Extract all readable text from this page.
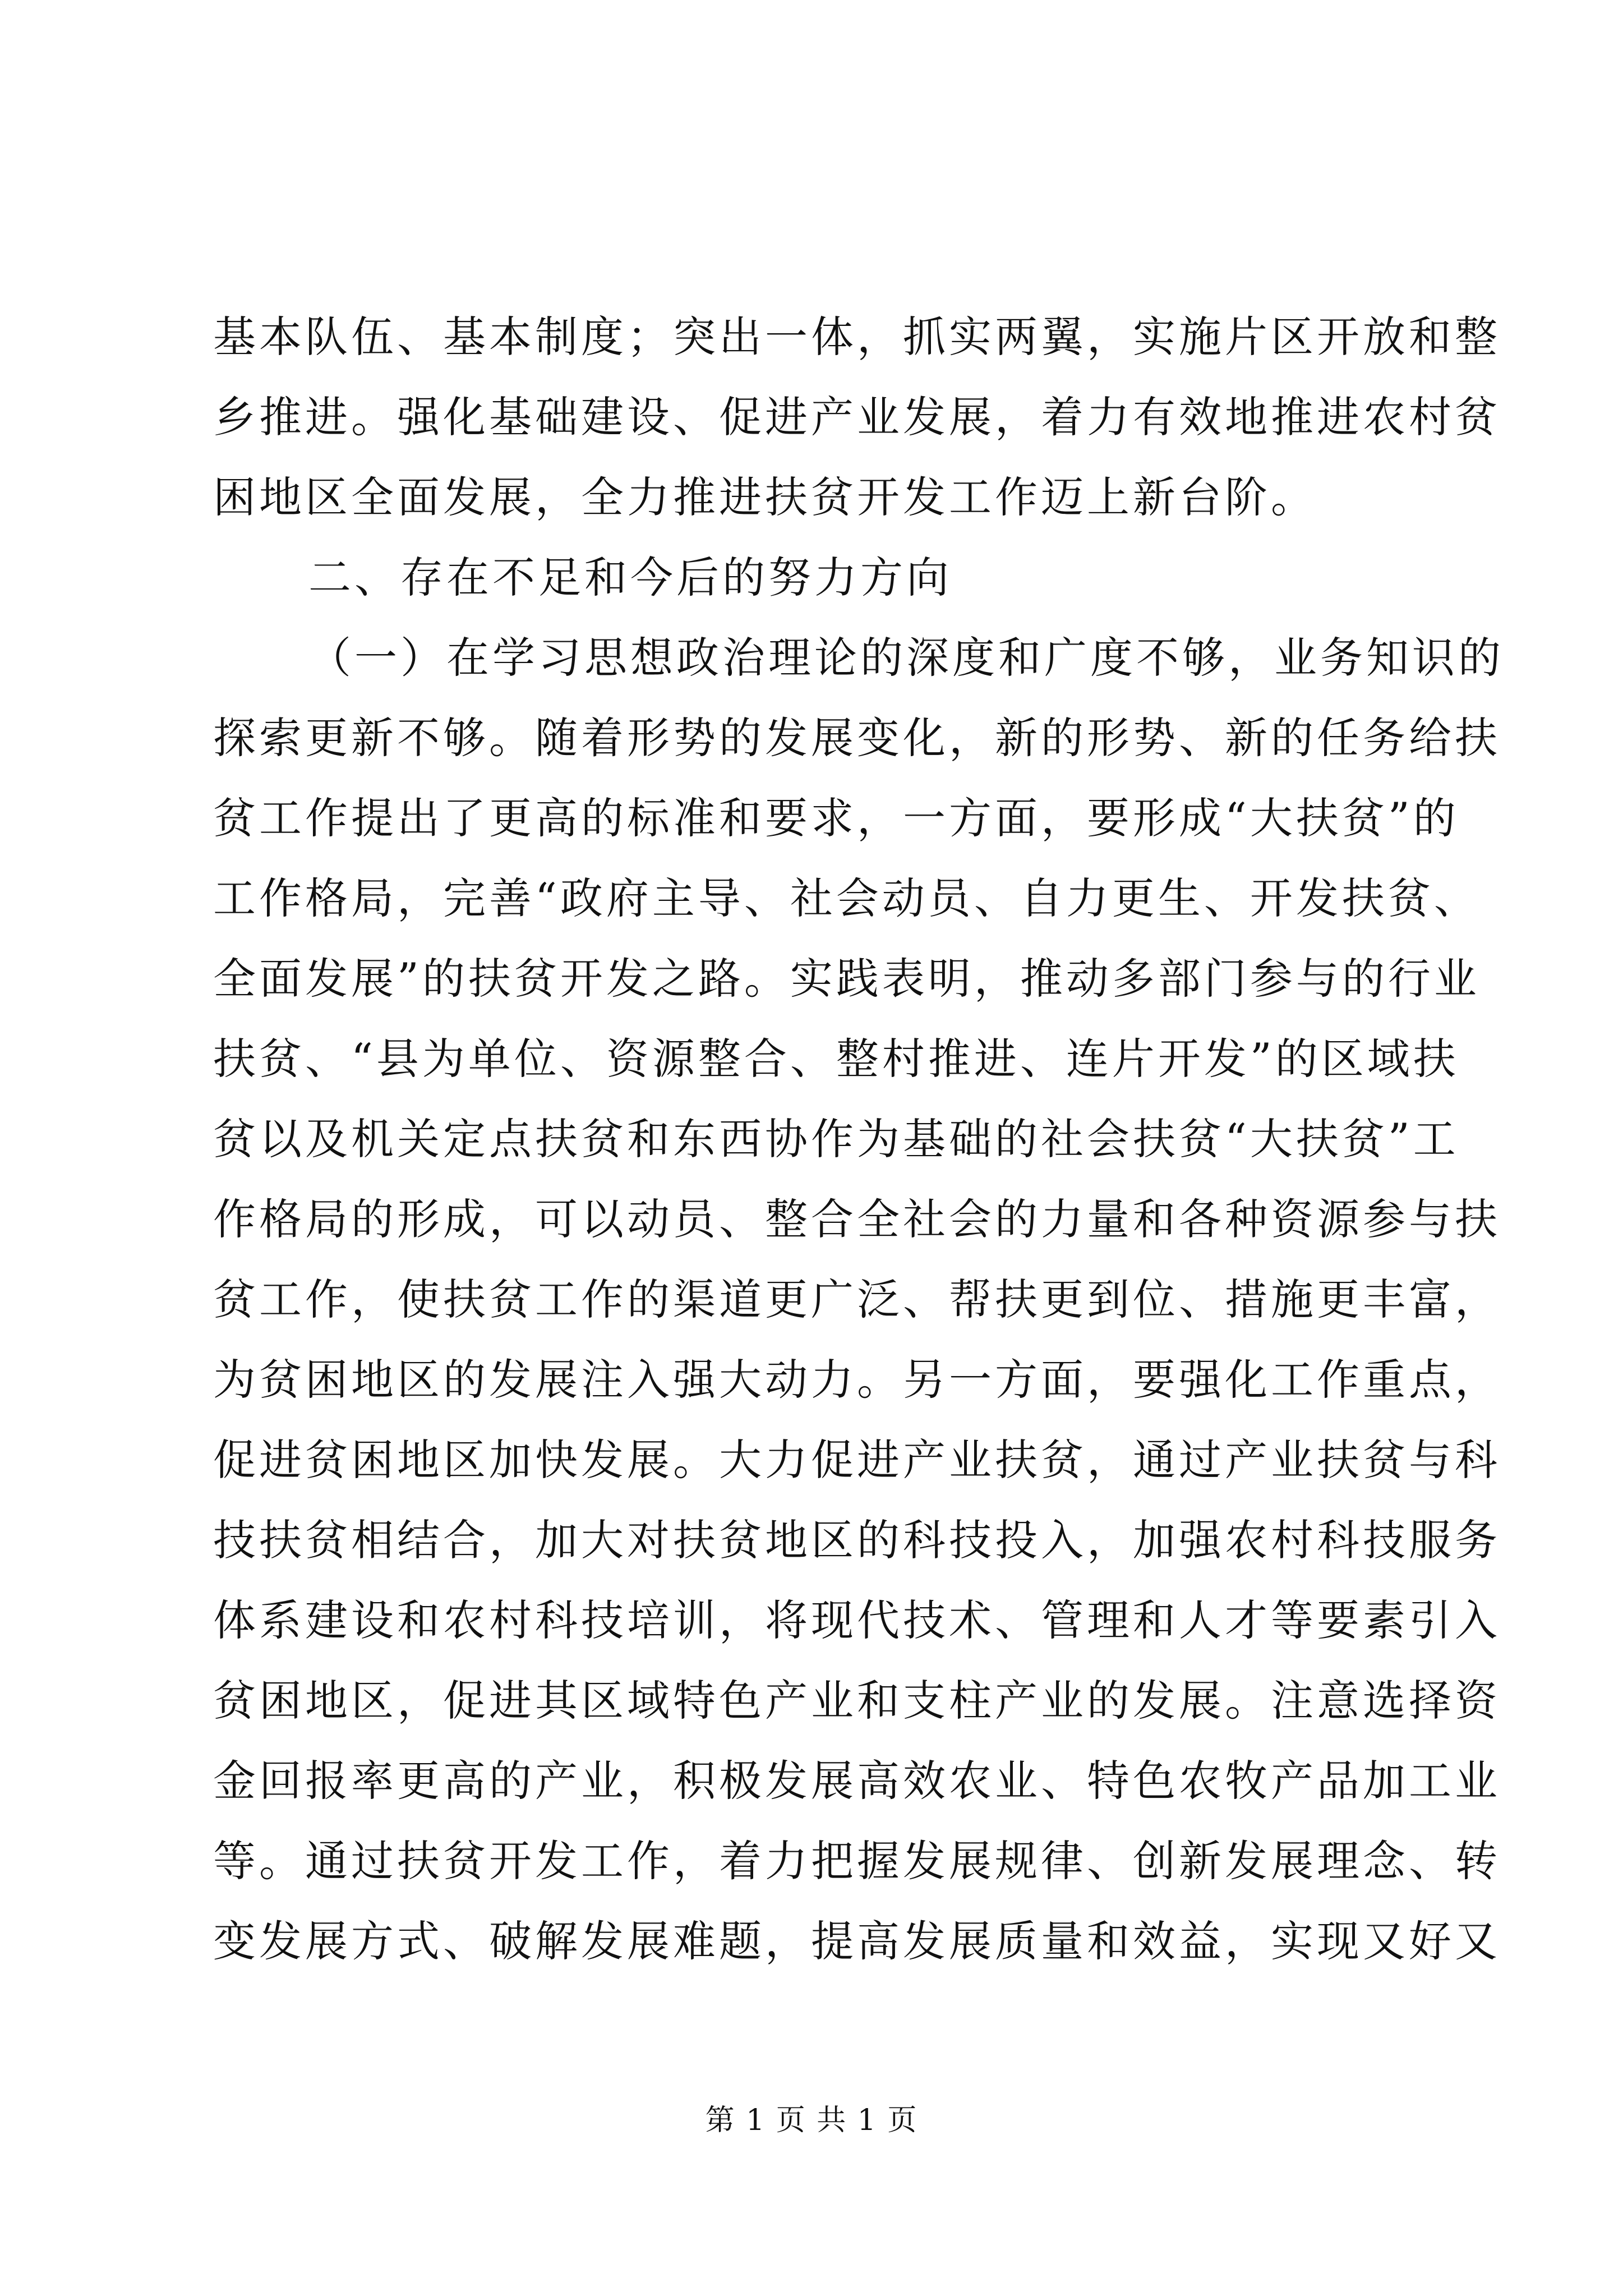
基本队伍、基本制度；突出一体，抓实两翼，实施片区开放和整
乡推进。强化基础建设、促进产业发展，着力有效地推进农村贫
困地区全面发展，全力推进扶贫开发工作迈上新台阶。
二、存在不足和今后的努力方向
（一）在学习思想政治理论的深度和广度不够，业务知识的
探索更新不够。随着形势的发展变化，新的形势、新的任务给扶
贫工作提出了更高的标准和要求，一方面，要形成“大扶贫”的
工作格局，完善“政府主导、社会动员、自力更生、开发扶贫、
全面发展”的扶贫开发之路。实践表明，推动多部门参与的行业
扶贫、“县为单位、资源整合、整村推进、连片开发”的区域扶
贫以及机关定点扶贫和东西协作为基础的社会扶贫“大扶贫”工
作格局的形成，可以动员、整合全社会的力量和各种资源参与扶
贫工作，使扶贫工作的渠道更广泛、帮扶更到位、措施更丰富，
为贫困地区的发展注入强大动力。另一方面，要强化工作重点，
促进贫困地区加快发展。大力促进产业扶贫，通过产业扶贫与科
技扶贫相结合，加大对扶贫地区的科技投入，加强农村科技服务
体系建设和农村科技培训，将现代技术、管理和人才等要素引入
贫困地区，促进其区域特色产业和支柱产业的发展。注意选择资
金回报率更高的产业，积极发展高效农业、特色农牧产品加工业
等。通过扶贫开发工作，着力把握发展规律、创新发展理念、转
变发展方式、破解发展难题，提高发展质量和效益，实现又好又
第 1 页 共 1 页
